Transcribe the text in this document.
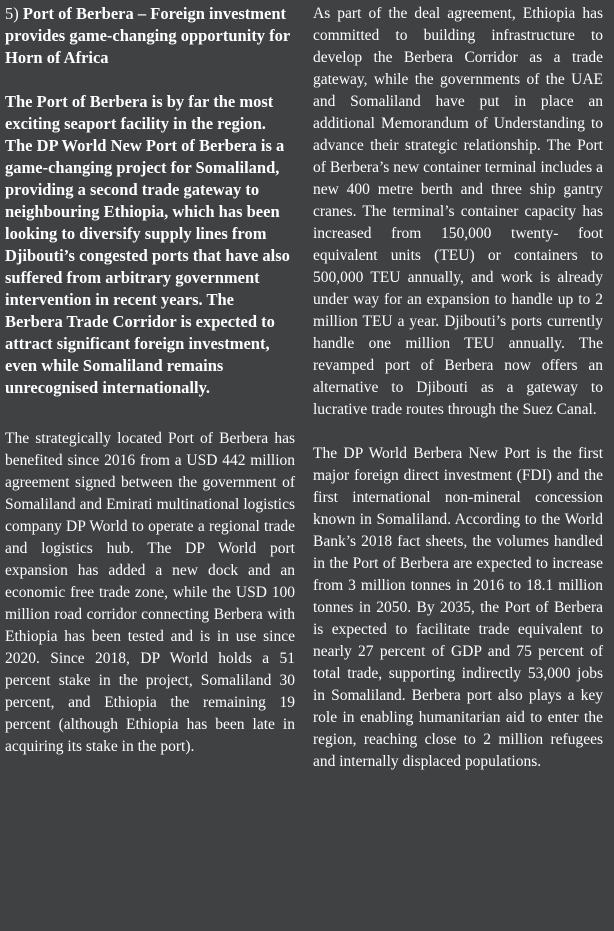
5) Port of Berbera – Foreign investment provides game-changing opportunity for Horn of Africa

The Port of Berbera is by far the most exciting seaport facility in the region. The DP World New Port of Berbera is a game-changing project for Somaliland, providing a second trade gateway to neighbouring Ethiopia, which has been looking to diversify supply lines from Djibouti’s congested ports that have also suffered from arbitrary government intervention in recent years. The Berbera Trade Corridor is expected to attract significant foreign investment, even while Somaliland remains unrecognised internationally.

The strategically located Port of Berbera has benefited since 2016 from a USD 442 million agreement signed between the government of Somaliland and Emirati multinational logistics company DP World to operate a regional trade and logistics hub. The DP World port expansion has added a new dock and an economic free trade zone, while the USD 100 million road corridor connecting Berbera with Ethiopia has been tested and is in use since 2020. Since 2018, DP World holds a 51 percent stake in the project, Somaliland 30 percent, and Ethiopia the remaining 19 percent (although Ethiopia has been late in acquiring its stake in the port).

As part of the deal agreement, Ethiopia has committed to building infrastructure to develop the Berbera Corridor as a trade gateway, while the governments of the UAE and Somaliland have put in place an additional Memorandum of Understanding to advance their strategic relationship. The Port of Berbera’s new container terminal includes a new 400 metre berth and three ship gantry cranes. The terminal’s container capacity has increased from 150,000 twenty- foot equivalent units (TEU) or containers to 500,000 TEU annually, and work is already under way for an expansion to handle up to 2 million TEU a year. Djibouti’s ports currently handle one million TEU annually. The revamped port of Berbera now offers an alternative to Djibouti as a gateway to lucrative trade routes through the Suez Canal.

The DP World Berbera New Port is the first major foreign direct investment (FDI) and the first international non-mineral concession known in Somaliland. According to the World Bank’s 2018 fact sheets, the volumes handled in the Port of Berbera are expected to increase from 3 million tonnes in 2016 to 18.1 million tonnes in 2050. By 2035, the Port of Berbera is expected to facilitate trade equivalent to nearly 27 percent of GDP and 75 percent of total trade, supporting indirectly 53,000 jobs in Somaliland. Berbera port also plays a key role in enabling humanitarian aid to enter the region, reaching close to 2 million refugees and internally displaced populations.
